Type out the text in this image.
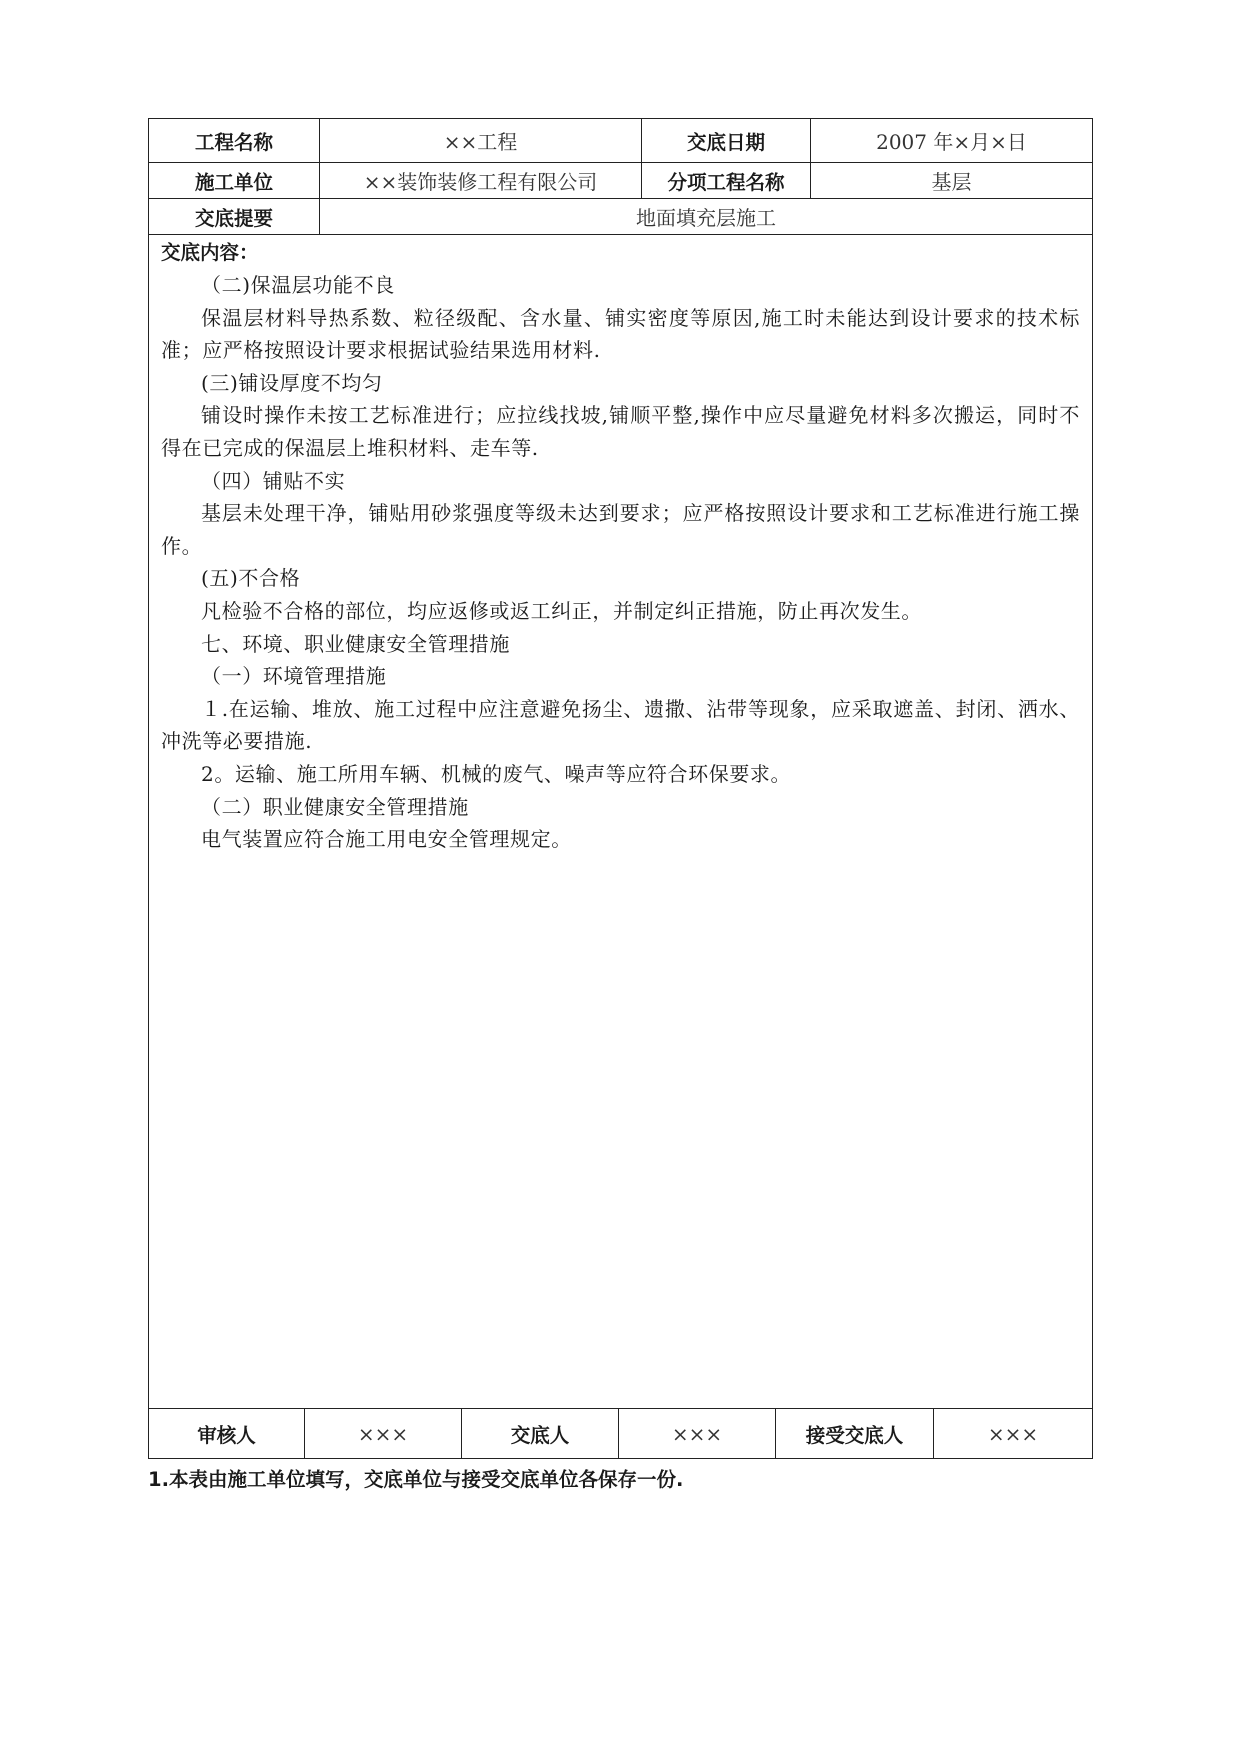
工程名称	××工程	交底日期	2007 年×月×日
施工单位	××装饰装修工程有限公司	分项工程名称	基层
交底提要	地面填充层施工
交底内容：

（二)保温层功能不良

保温层材料导热系数、粒径级配、含水量、铺实密度等原因,施工时未能达到设计要求的技术标准；应严格按照设计要求根据试验结果选用材料.

(三)铺设厚度不均匀

铺设时操作未按工艺标准进行；应拉线找坡,铺顺平整,操作中应尽量避免材料多次搬运，同时不得在已完成的保温层上堆积材料、走车等.

（四）铺贴不实

基层未处理干净，铺贴用砂浆强度等级未达到要求；应严格按照设计要求和工艺标准进行施工操作。

(五)不合格

凡检验不合格的部位，均应返修或返工纠正，并制定纠正措施，防止再次发生。

七、环境、职业健康安全管理措施

（一）环境管理措施

１.在运输、堆放、施工过程中应注意避免扬尘、遗撒、沾带等现象，应采取遮盖、封闭、洒水、冲洗等必要措施.

2。运输、施工所用车辆、机械的废气、噪声等应符合环保要求。

（二）职业健康安全管理措施

电气装置应符合施工用电安全管理规定。

审核人	×××	交底人	×××	接受交底人	×××
1.本表由施工单位填写，交底单位与接受交底单位各保存一份.
